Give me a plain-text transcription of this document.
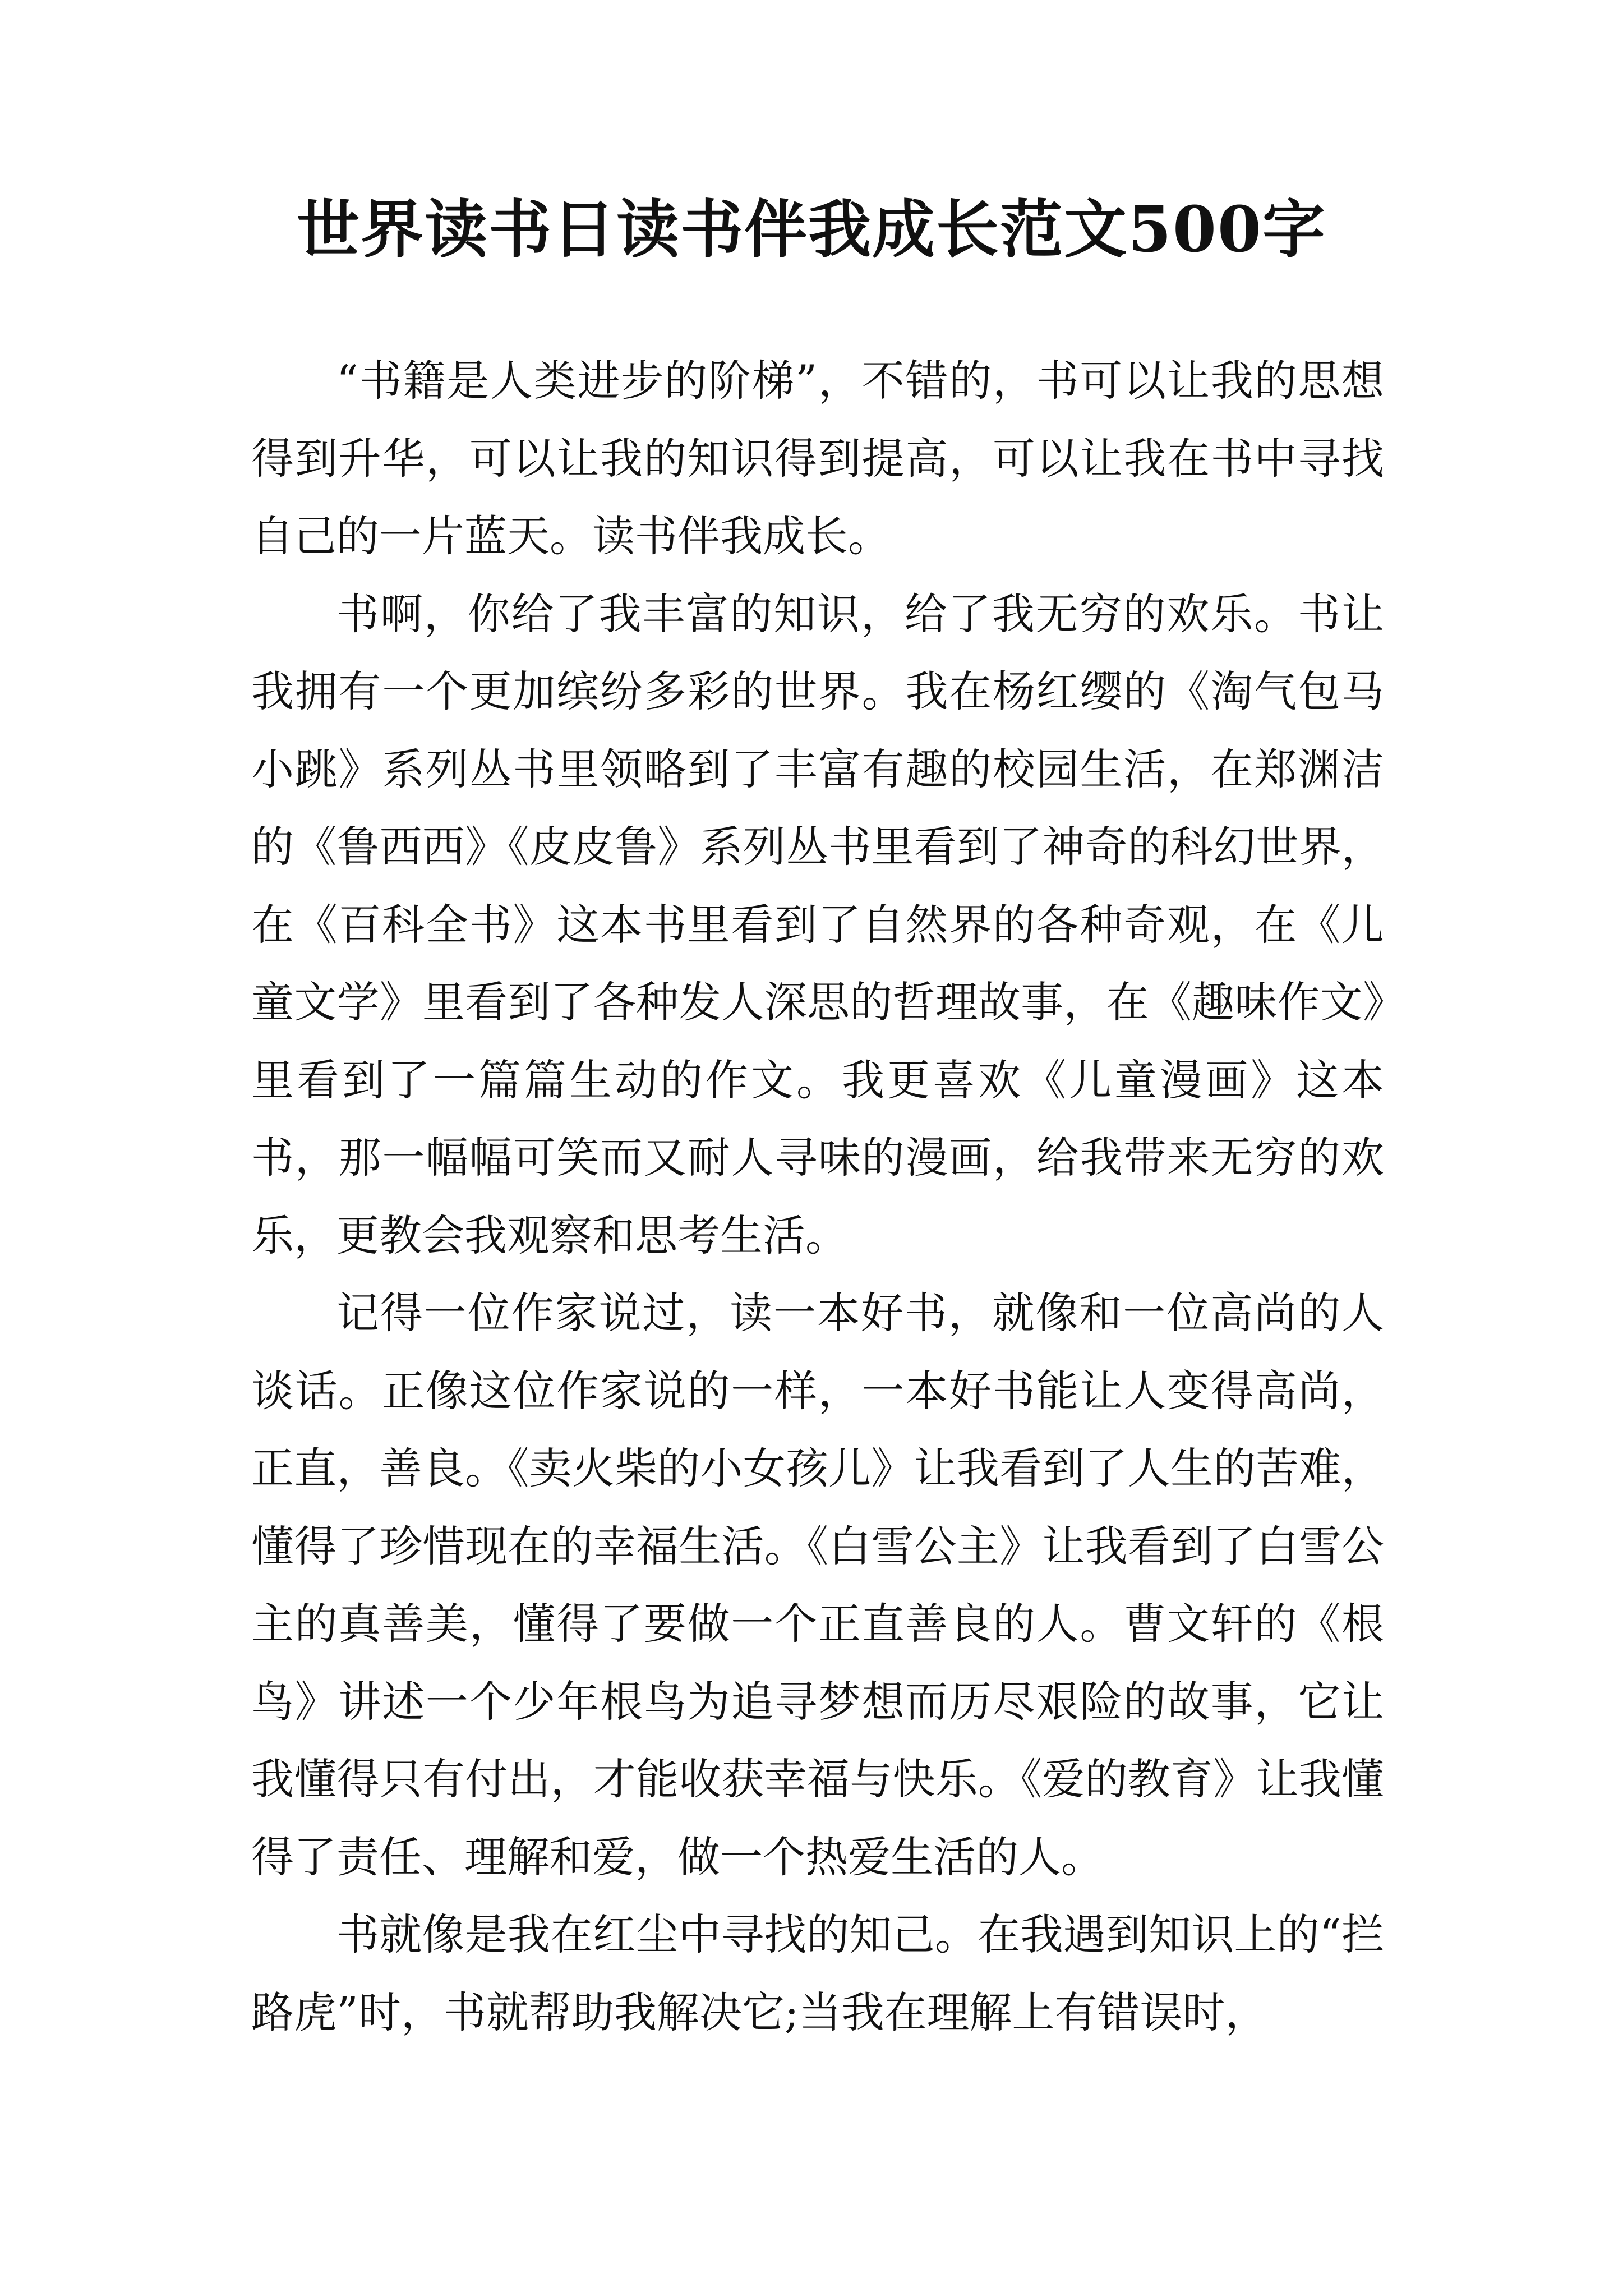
世界读书日读书伴我成长范文500字

“书籍是人类进步的阶梯”，不错的，书可以让我的思想得到升华，可以让我的知识得到提高，可以让我在书中寻找自己的一片蓝天。读书伴我成长。

书啊，你给了我丰富的知识，给了我无穷的欢乐。书让我拥有一个更加缤纷多彩的世界。我在杨红缨的《淘气包马小跳》系列丛书里领略到了丰富有趣的校园生活，在郑渊洁的《鲁西西》《皮皮鲁》系列丛书里看到了神奇的科幻世界，在《百科全书》这本书里看到了自然界的各种奇观，在《儿童文学》里看到了各种发人深思的哲理故事，在《趣味作文》里看到了一篇篇生动的作文。我更喜欢《儿童漫画》这本书，那一幅幅可笑而又耐人寻味的漫画，给我带来无穷的欢乐，更教会我观察和思考生活。

记得一位作家说过，读一本好书，就像和一位高尚的人谈话。正像这位作家说的一样，一本好书能让人变得高尚，正直，善良。《卖火柴的小女孩儿》让我看到了人生的苦难，懂得了珍惜现在的幸福生活。《白雪公主》让我看到了白雪公主的真善美，懂得了要做一个正直善良的人。曹文轩的《根鸟》讲述一个少年根鸟为追寻梦想而历尽艰险的故事，它让我懂得只有付出，才能收获幸福与快乐。《爱的教育》让我懂得了责任、理解和爱，做一个热爱生活的人。

书就像是我在红尘中寻找的知己。在我遇到知识上的“拦路虎”时，书就帮助我解决它;当我在理解上有错误时，
